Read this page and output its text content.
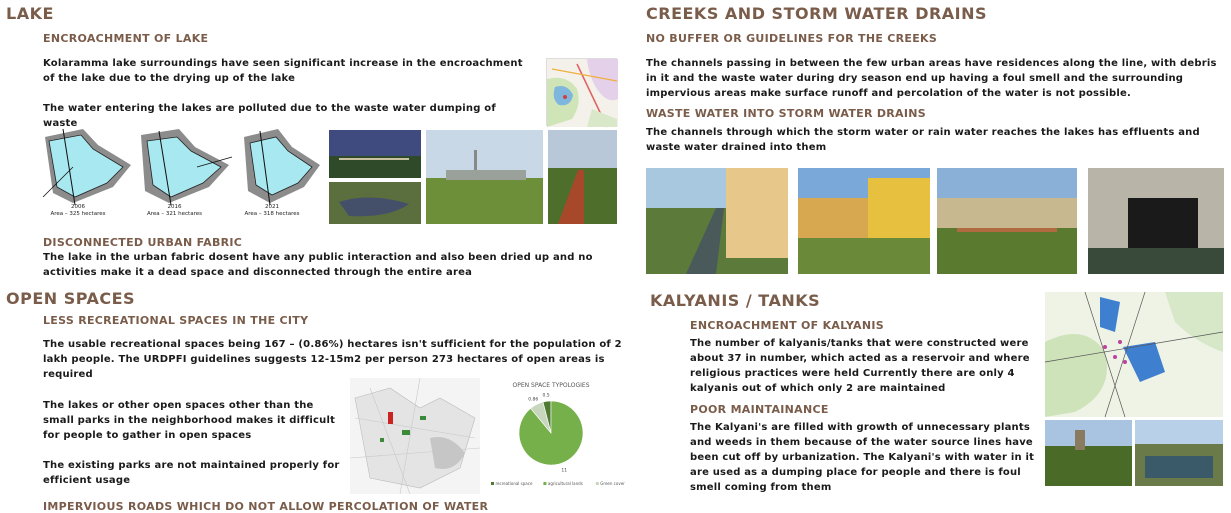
LAKE
ENCROACHMENT OF LAKE
Kolaramma lake surroundings have seen significant increase in the encroachment of the lake due to the drying up of the lake
The water entering the lakes are polluted due to the waste water dumping of waste
2006
Area – 325 hectares
2016
Area – 321 hectares
2021
Area – 318 hectares
DISCONNECTED URBAN FABRIC
The lake in the urban fabric dosent have any public interaction and also been dried up and no activities make it a dead space and disconnected through the entire area
OPEN SPACES
LESS RECREATIONAL SPACES IN THE CITY
The usable recreational spaces being 167 – (0.86%) hectares isn't sufficient for the population of 2 lakh people. The URDPFI guidelines suggests 12-15m2 per person 273 hectares of open areas is required
The lakes or other open spaces other than the small parks in the neighborhood makes it difficult for people to gather in open spaces
The existing parks are not maintained properly for efficient usage
IMPERVIOUS ROADS WHICH DO NOT ALLOW PERCOLATION OF WATER
OPEN SPACE TYPOLOGIES
0.5
11
0.86
recreational space	agricultural lands	Green cover
CREEKS AND STORM WATER DRAINS
NO BUFFER OR GUIDELINES FOR THE CREEKS
The channels passing in between the few urban areas have residences along the line, with debris in it and the waste water during dry season end up having a foul smell and the surrounding impervious areas make surface runoff and percolation of the water is not possible.
WASTE WATER INTO STORM WATER DRAINS
The channels through which the storm water or rain water reaches the lakes has effluents and waste water drained into them
KALYANIS / TANKS
ENCROACHMENT OF KALYANIS
The number of kalyanis/tanks that were constructed were about 37 in number, which acted as a reservoir and where religious practices were held Currently there are only 4 kalyanis out of which only 2 are maintained
POOR MAINTAINANCE
The Kalyani's are filled with growth of unnecessary plants and weeds in them because of the water source lines have been cut off by urbanization. The Kalyani's with water in it are used as a dumping place for people and there is foul smell coming from them
